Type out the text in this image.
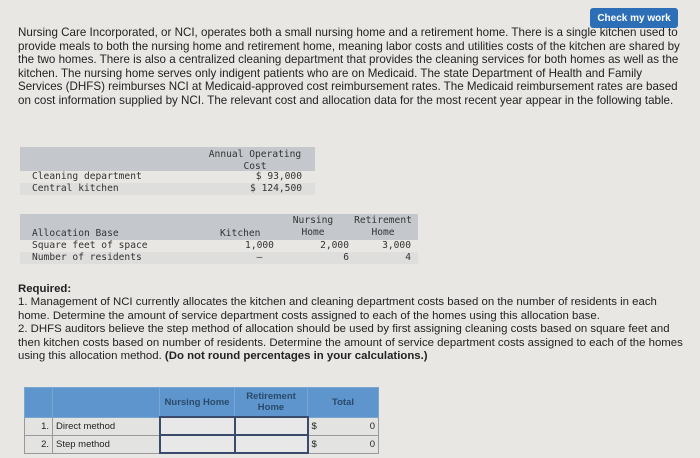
Check my work
Nursing Care Incorporated, or NCI, operates both a small nursing home and a retirement home. There is a single kitchen used to provide meals to both the nursing home and retirement home, meaning labor costs and utilities costs of the kitchen are shared by the two homes. There is also a centralized cleaning department that provides the cleaning services for both homes as well as the kitchen. The nursing home serves only indigent patients who are on Medicaid. The state Department of Health and Family Services (DHFS) reimburses NCI at Medicaid-approved cost reimbursement rates. The Medicaid reimbursement rates are based on cost information supplied by NCI. The relevant cost and allocation data for the most recent year appear in the following table.
Annual Operating
Cost
Cleaning department	$ 93,000
Central kitchen	$ 124,500
Allocation Base	Kitchen
Nursing
Home
Retirement
Home
Square feet of space	1,000	2,000	3,000
Number of residents	–	6	4
Required:
1. Management of NCI currently allocates the kitchen and cleaning department costs based on the number of residents in each home. Determine the amount of service department costs assigned to each of the homes using this allocation base.
2. DHFS auditors believe the step method of allocation should be used by first assigning cleaning costs based on square feet and then kitchen costs based on number of residents. Determine the amount of service department costs assigned to each of the homes using this allocation method. (Do not round percentages in your calculations.)
		Nursing Home	Retirement Home	Total
1.	Direct method			$ 0

2.	Step method			$ 0
